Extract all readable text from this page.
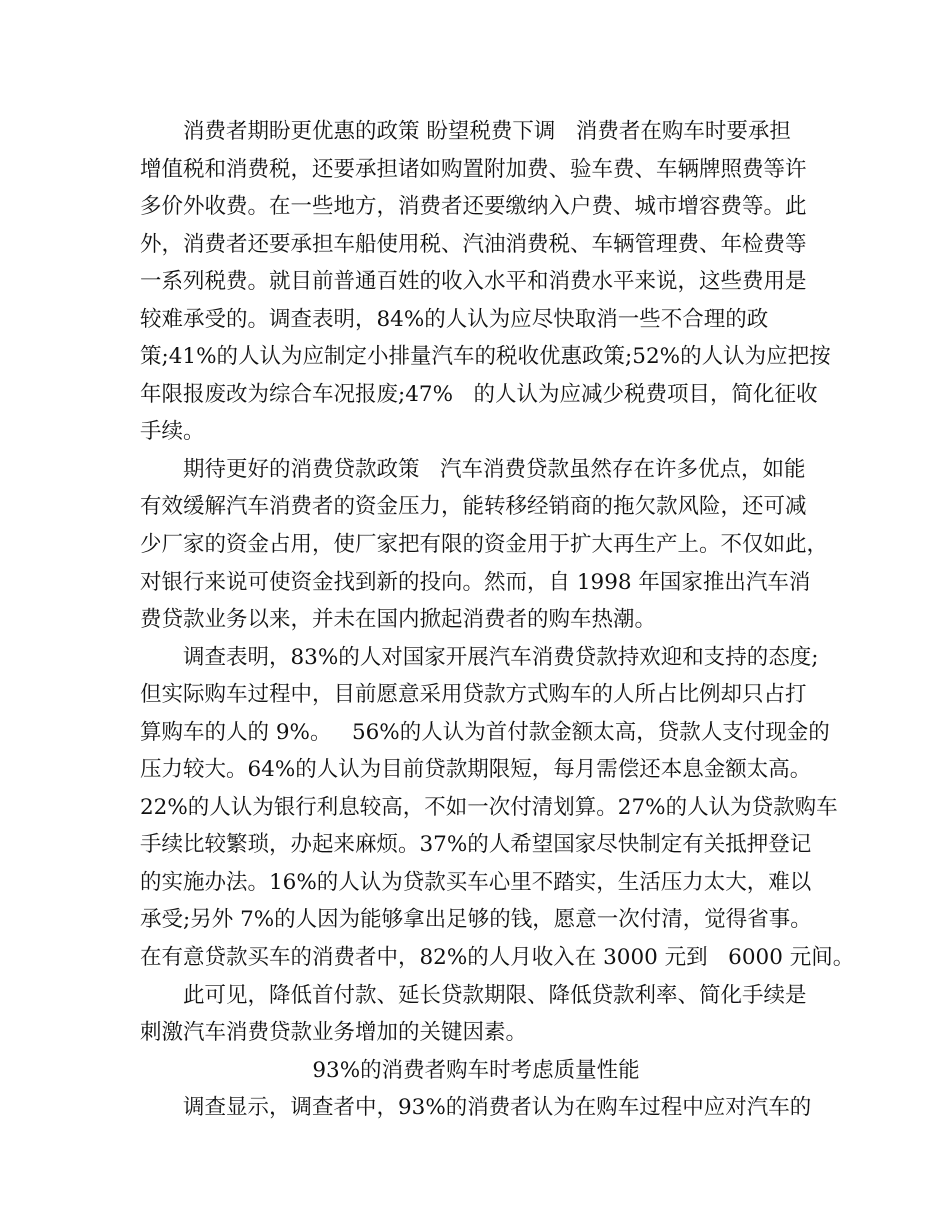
消费者期盼更优惠的政策 盼望税费下调   消费者在购车时要承担
增值税和消费税，还要承担诸如购置附加费、验车费、车辆牌照费等许
多价外收费。在一些地方，消费者还要缴纳入户费、城市增容费等。此
外，消费者还要承担车船使用税、汽油消费税、车辆管理费、年检费等
一系列税费。就目前普通百姓的收入水平和消费水平来说，这些费用是
较难承受的。调查表明，84%的人认为应尽快取消一些不合理的政
策;41%的人认为应制定小排量汽车的税收优惠政策;52%的人认为应把按
年限报废改为综合车况报废;47%   的人认为应减少税费项目，简化征收
手续。
期待更好的消费贷款政策   汽车消费贷款虽然存在许多优点，如能
有效缓解汽车消费者的资金压力，能转移经销商的拖欠款风险，还可减
少厂家的资金占用，使厂家把有限的资金用于扩大再生产上。不仅如此，
对银行来说可使资金找到新的投向。然而，自 1998 年国家推出汽车消
费贷款业务以来，并未在国内掀起消费者的购车热潮。
调查表明，83%的人对国家开展汽车消费贷款持欢迎和支持的态度;
但实际购车过程中，目前愿意采用贷款方式购车的人所占比例却只占打
算购车的人的 9%。   56%的人认为首付款金额太高，贷款人支付现金的
压力较大。64%的人认为目前贷款期限短，每月需偿还本息金额太高。
22%的人认为银行利息较高，不如一次付清划算。27%的人认为贷款购车
手续比较繁琐，办起来麻烦。37%的人希望国家尽快制定有关抵押登记
的实施办法。16%的人认为贷款买车心里不踏实，生活压力太大，难以
承受;另外 7%的人因为能够拿出足够的钱，愿意一次付清，觉得省事。
在有意贷款买车的消费者中，82%的人月收入在 3000 元到   6000 元间。
此可见，降低首付款、延长贷款期限、降低贷款利率、简化手续是
刺激汽车消费贷款业务增加的关键因素。
93%的消费者购车时考虑质量性能
调查显示，调查者中，93%的消费者认为在购车过程中应对汽车的
